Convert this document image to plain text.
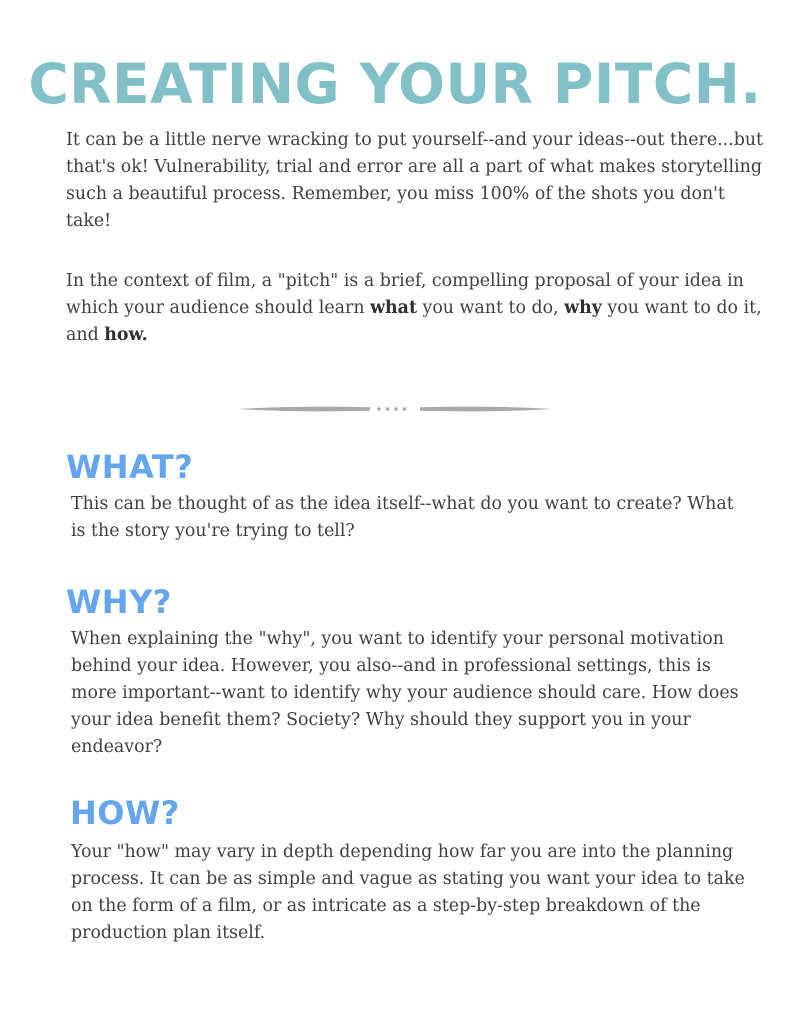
CREATING YOUR PITCH.

It can be a little nerve wracking to put yourself--and your ideas--out there...but that's ok! Vulnerability, trial and error are all a part of what makes storytelling such a beautiful process. Remember, you miss 100% of the shots you don't take!

In the context of film, a "pitch" is a brief, compelling proposal of your idea in which your audience should learn what you want to do, why you want to do it, and how.

WHAT?

This can be thought of as the idea itself--what do you want to create? What is the story you're trying to tell?

WHY?

When explaining the "why", you want to identify your personal motivation behind your idea. However, you also--and in professional settings, this is more important--want to identify why your audience should care. How does your idea benefit them? Society? Why should they support you in your endeavor?

HOW?

Your "how" may vary in depth depending how far you are into the planning process. It can be as simple and vague as stating you want your idea to take on the form of a film, or as intricate as a step-by-step breakdown of the production plan itself.
